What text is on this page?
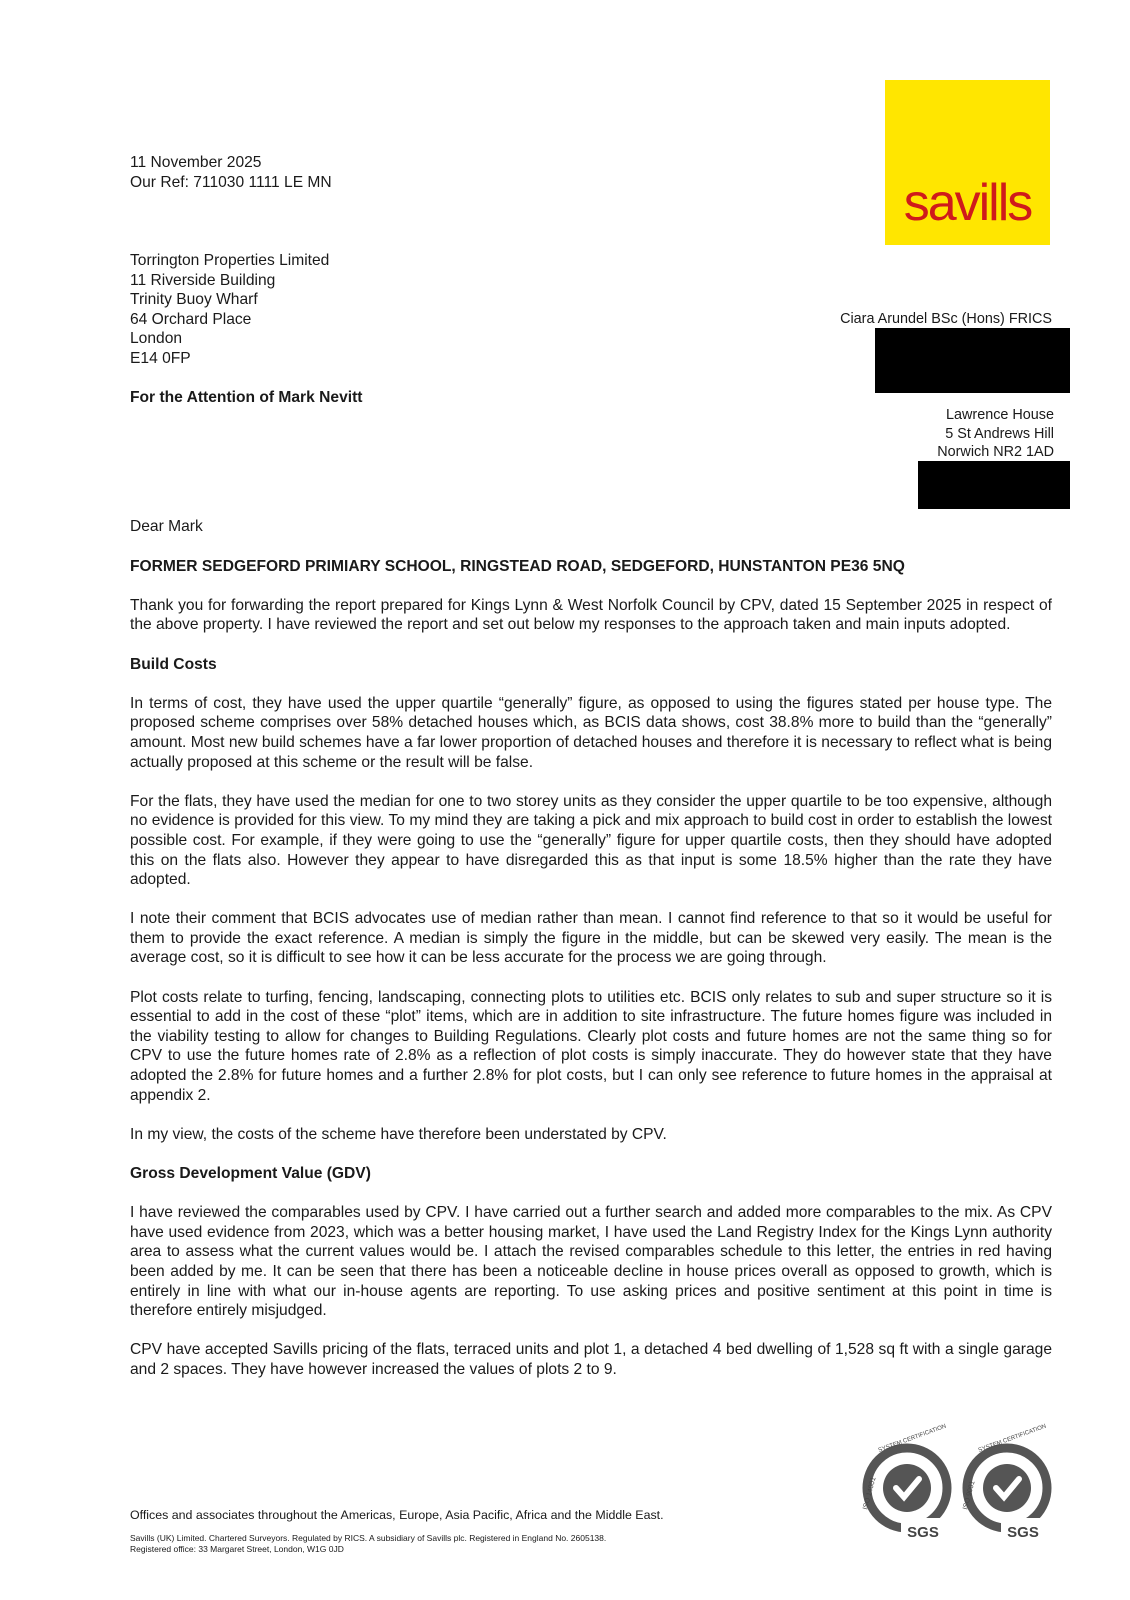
savills
11 November 2025
Our Ref: 711030 1111 LE MN
Torrington Properties Limited
11 Riverside Building
Trinity Buoy Wharf
64 Orchard Place
London
E14 0FP
For the Attention of Mark Nevitt
Ciara Arundel BSc (Hons) FRICS
Lawrence House
5 St Andrews Hill
Norwich NR2 1AD

Dear Mark

FORMER SEDGEFORD PRIMIARY SCHOOL, RINGSTEAD ROAD, SEDGEFORD, HUNSTANTON PE36 5NQ

Thank you for forwarding the report prepared for Kings Lynn & West Norfolk Council by CPV, dated 15 September 2025 in respect of the above property. I have reviewed the report and set out below my responses to the approach taken and main inputs adopted.

Build Costs

In terms of cost, they have used the upper quartile “generally” figure, as opposed to using the figures stated per house type. The proposed scheme comprises over 58% detached houses which, as BCIS data shows, cost 38.8% more to build than the “generally” amount. Most new build schemes have a far lower proportion of detached houses and therefore it is necessary to reflect what is being actually proposed at this scheme or the result will be false.

For the flats, they have used the median for one to two storey units as they consider the upper quartile to be too expensive, although no evidence is provided for this view. To my mind they are taking a pick and mix approach to build cost in order to establish the lowest possible cost. For example, if they were going to use the “generally” figure for upper quartile costs, then they should have adopted this on the flats also. However they appear to have disregarded this as that input is some 18.5% higher than the rate they have adopted.

I note their comment that BCIS advocates use of median rather than mean. I cannot find reference to that so it would be useful for them to provide the exact reference. A median is simply the figure in the middle, but can be skewed very easily. The mean is the average cost, so it is difficult to see how it can be less accurate for the process we are going through.

Plot costs relate to turfing, fencing, landscaping, connecting plots to utilities etc. BCIS only relates to sub and super structure so it is essential to add in the cost of these “plot” items, which are in addition to site infrastructure. The future homes figure was included in the viability testing to allow for changes to Building Regulations. Clearly plot costs and future homes are not the same thing so for CPV to use the future homes rate of 2.8% as a reflection of plot costs is simply inaccurate. They do however state that they have adopted the 2.8% for future homes and a further 2.8% for plot costs, but I can only see reference to future homes in the appraisal at appendix 2.

In my view, the costs of the scheme have therefore been understated by CPV.

Gross Development Value (GDV)

I have reviewed the comparables used by CPV. I have carried out a further search and added more comparables to the mix. As CPV have used evidence from 2023, which was a better housing market, I have used the Land Registry Index for the Kings Lynn authority area to assess what the current values would be. I attach the revised comparables schedule to this letter, the entries in red having been added by me. It can be seen that there has been a noticeable decline in house prices overall as opposed to growth, which is entirely in line with what our in-house agents are reporting. To use asking prices and positive sentiment at this point in time is therefore entirely misjudged.

CPV have accepted Savills pricing of the flats, terraced units and plot 1, a detached 4 bed dwelling of 1,528 sq ft with a single garage and 2 spaces. They have however increased the values of plots 2 to 9.

SGS
ISO 14001
SYSTEM CERTIFICATION
SGS
ISO 9001
SYSTEM CERTIFICATION
Offices and associates throughout the Americas, Europe, Asia Pacific, Africa and the Middle East.
Savills (UK) Limited. Chartered Surveyors. Regulated by RICS. A subsidiary of Savills plc. Registered in England No. 2605138.
Registered office: 33 Margaret Street, London, W1G 0JD
